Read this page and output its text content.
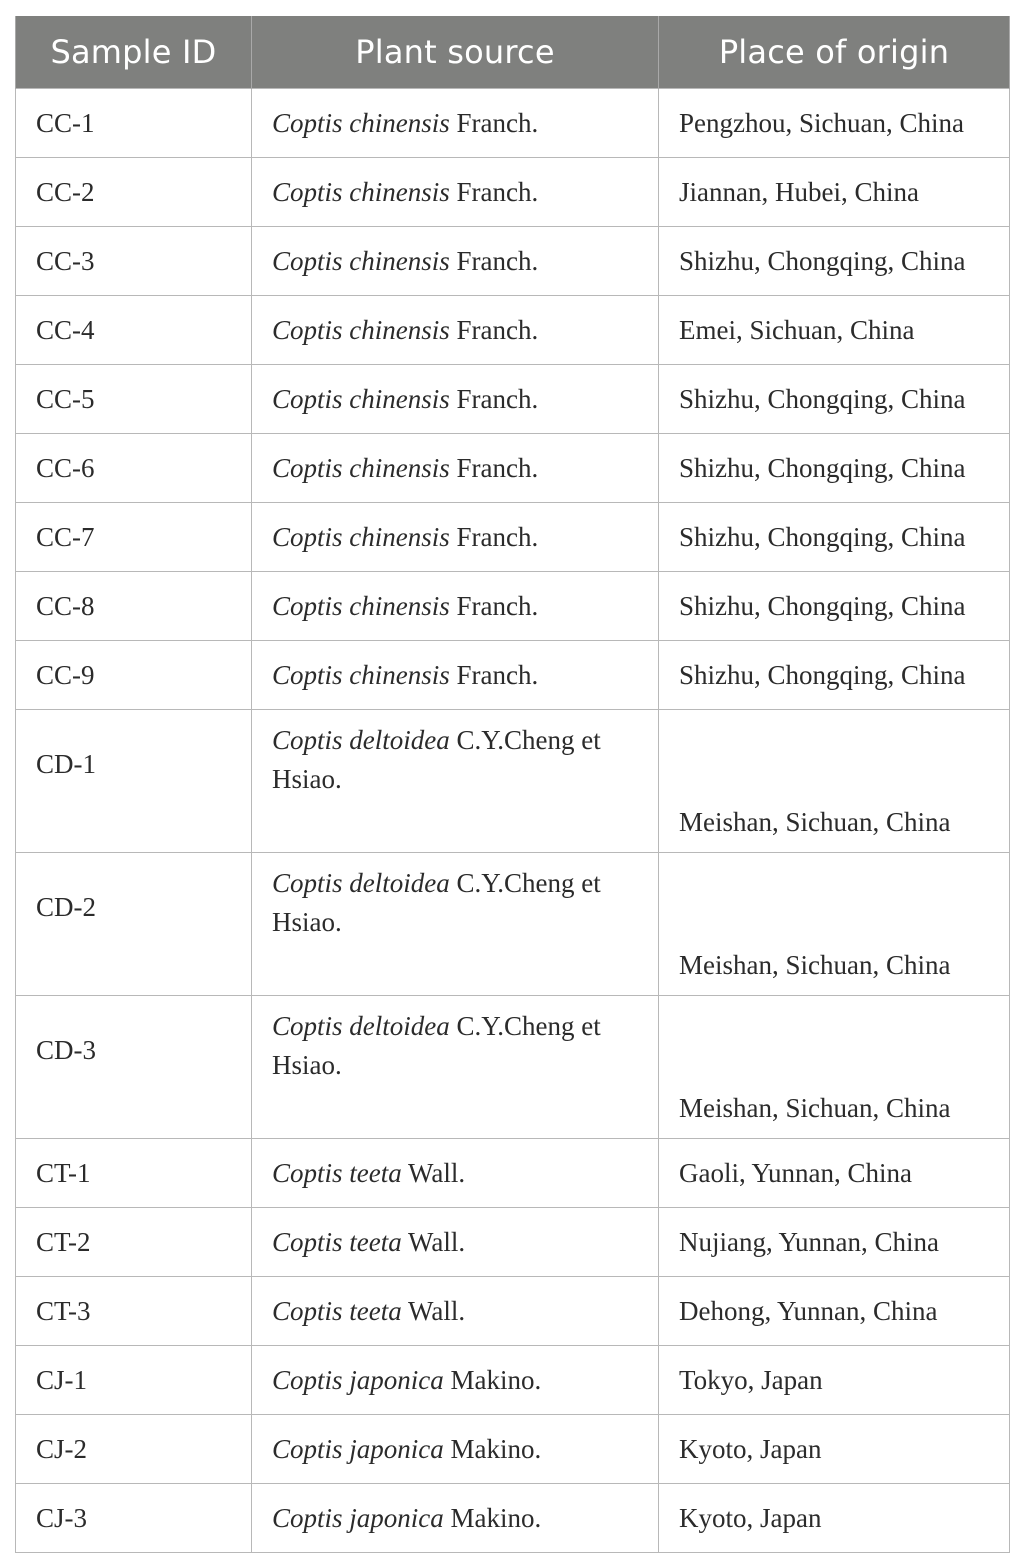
Sample ID	Plant source	Place of origin
CC-1	Coptis chinensis Franch.	Pengzhou, Sichuan, China
CC-2	Coptis chinensis Franch.	Jiannan, Hubei, China
CC-3	Coptis chinensis Franch.	Shizhu, Chongqing, China
CC-4	Coptis chinensis Franch.	Emei, Sichuan, China
CC-5	Coptis chinensis Franch.	Shizhu, Chongqing, China
CC-6	Coptis chinensis Franch.	Shizhu, Chongqing, China
CC-7	Coptis chinensis Franch.	Shizhu, Chongqing, China
CC-8	Coptis chinensis Franch.	Shizhu, Chongqing, China
CC-9	Coptis chinensis Franch.	Shizhu, Chongqing, China
CD-1	Coptis deltoidea C.Y.Cheng et Hsiao.	Meishan, Sichuan, China
CD-2	Coptis deltoidea C.Y.Cheng et Hsiao.	Meishan, Sichuan, China
CD-3	Coptis deltoidea C.Y.Cheng et Hsiao.	Meishan, Sichuan, China
CT-1	Coptis teeta Wall.	Gaoli, Yunnan, China
CT-2	Coptis teeta Wall.	Nujiang, Yunnan, China
CT-3	Coptis teeta Wall.	Dehong, Yunnan, China
CJ-1	Coptis japonica Makino.	Tokyo, Japan
CJ-2	Coptis japonica Makino.	Kyoto, Japan
CJ-3	Coptis japonica Makino.	Kyoto, Japan
